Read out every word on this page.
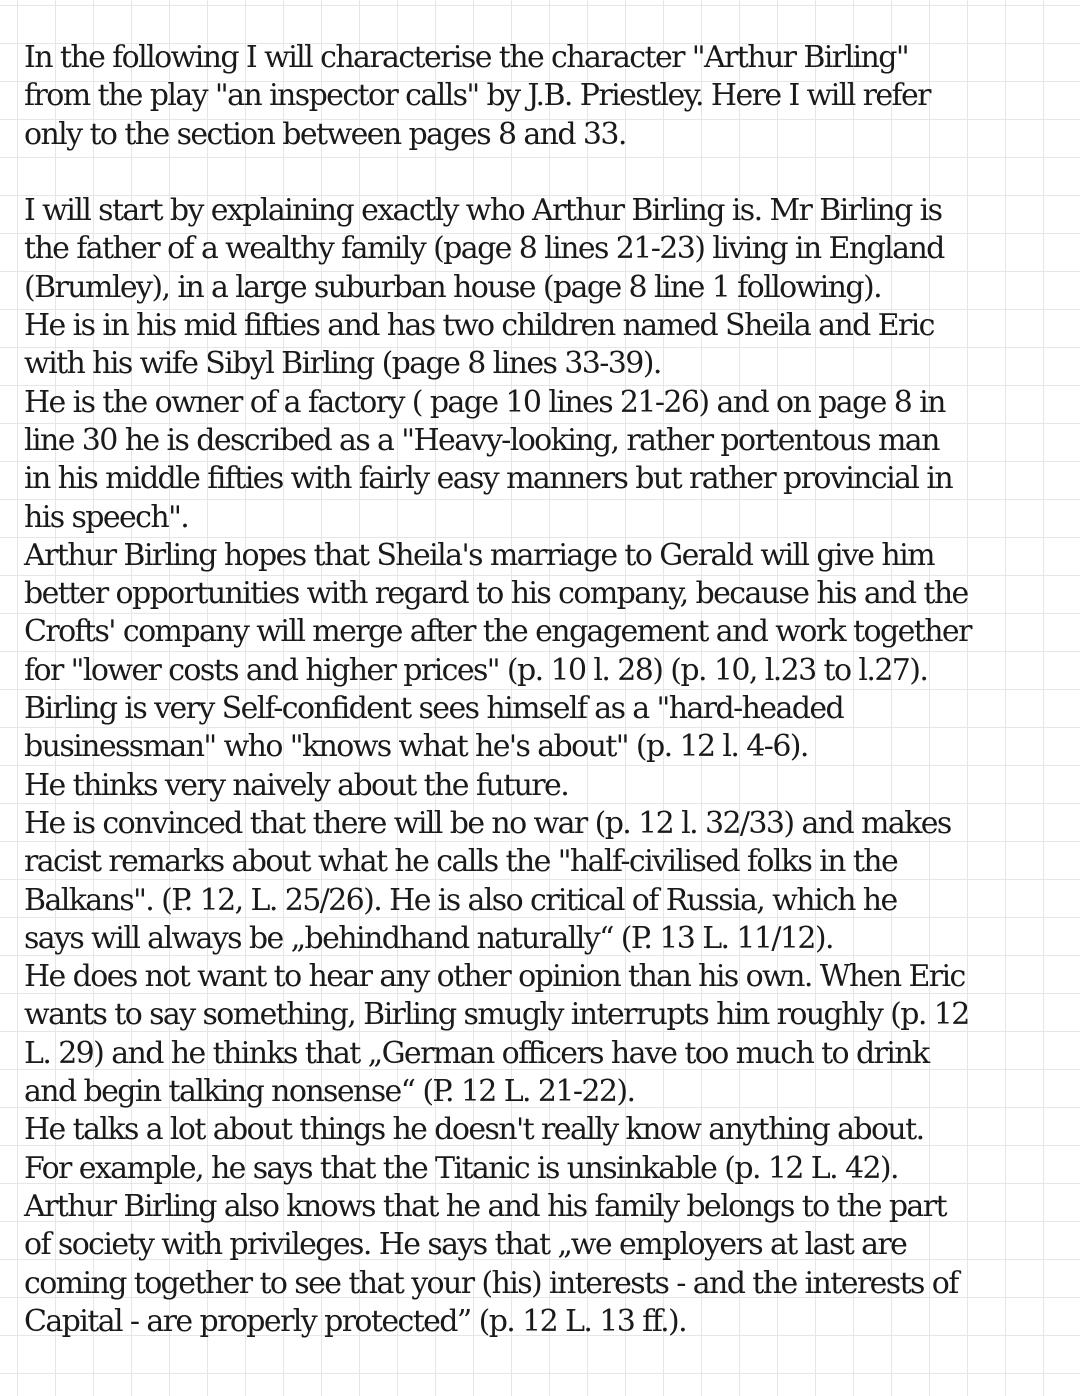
In the following I will characterise the character "Arthur Birling"
from the play "an inspector calls" by J.B. Priestley. Here I will refer
only to the section between pages 8 and 33.
I will start by explaining exactly who Arthur Birling is. Mr Birling is
the father of a wealthy family (page 8 lines 21-23) living in England
(Brumley), in a large suburban house (page 8 line 1 following).
He is in his mid fifties and has two children named Sheila and Eric
with his wife Sibyl Birling (page 8 lines 33-39).
He is the owner of a factory ( page 10 lines 21-26) and on page 8 in
line 30 he is described as a "Heavy-looking, rather portentous man
in his middle fifties with fairly easy manners but rather provincial in
his speech".
Arthur Birling hopes that Sheila's marriage to Gerald will give him
better opportunities with regard to his company, because his and the
Crofts' company will merge after the engagement and work together
for "lower costs and higher prices" (p. 10 l. 28) (p. 10, l.23 to l.27).
Birling is very Self-confident sees himself as a "hard-headed
businessman" who "knows what he's about" (p. 12 l. 4-6).
He thinks very naively about the future.
He is convinced that there will be no war (p. 12 l. 32/33) and makes
racist remarks about what he calls the "half-civilised folks in the
Balkans". (P. 12, L. 25/26). He is also critical of Russia, which he
says will always be „behindhand naturally“ (P. 13 L. 11/12).
He does not want to hear any other opinion than his own. When Eric
wants to say something, Birling smugly interrupts him roughly (p. 12
L. 29) and he thinks that „German officers have too much to drink
and begin talking nonsense“ (P. 12 L. 21-22).
He talks a lot about things he doesn't really know anything about.
For example, he says that the Titanic is unsinkable (p. 12 L. 42).
Arthur Birling also knows that he and his family belongs to the part
of society with privileges. He says that „we employers at last are
coming together to see that your (his) interests - and the interests of
Capital - are properly protected” (p. 12 L. 13 ff.).
